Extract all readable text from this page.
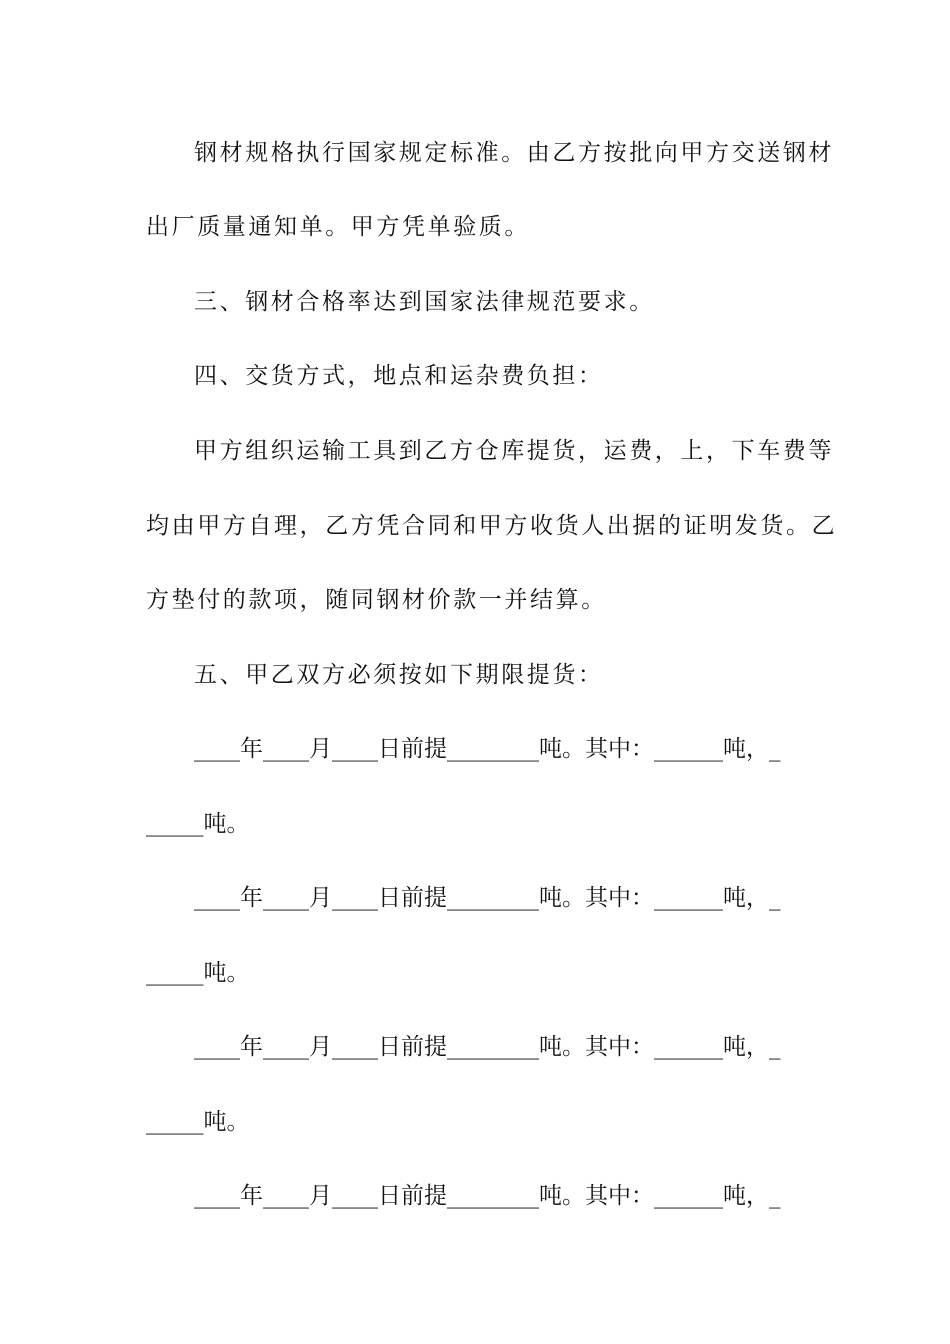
钢材规格执行国家规定标准。由乙方按批向甲方交送钢材
出厂质量通知单。甲方凭单验质。
三、钢材合格率达到国家法律规范要求。
四、交货方式，地点和运杂费负担：
甲方组织运输工具到乙方仓库提货，运费，上，下车费等
均由甲方自理，乙方凭合同和甲方收货人出据的证明发货。乙
方垫付的款项，随同钢材价款一并结算。
五、甲乙双方必须按如下期限提货：
____年____月____日前提________吨。其中：______吨，_
_____吨。
____年____月____日前提________吨。其中：______吨，_
_____吨。
____年____月____日前提________吨。其中：______吨，_
_____吨。
____年____月____日前提________吨。其中：______吨，_
